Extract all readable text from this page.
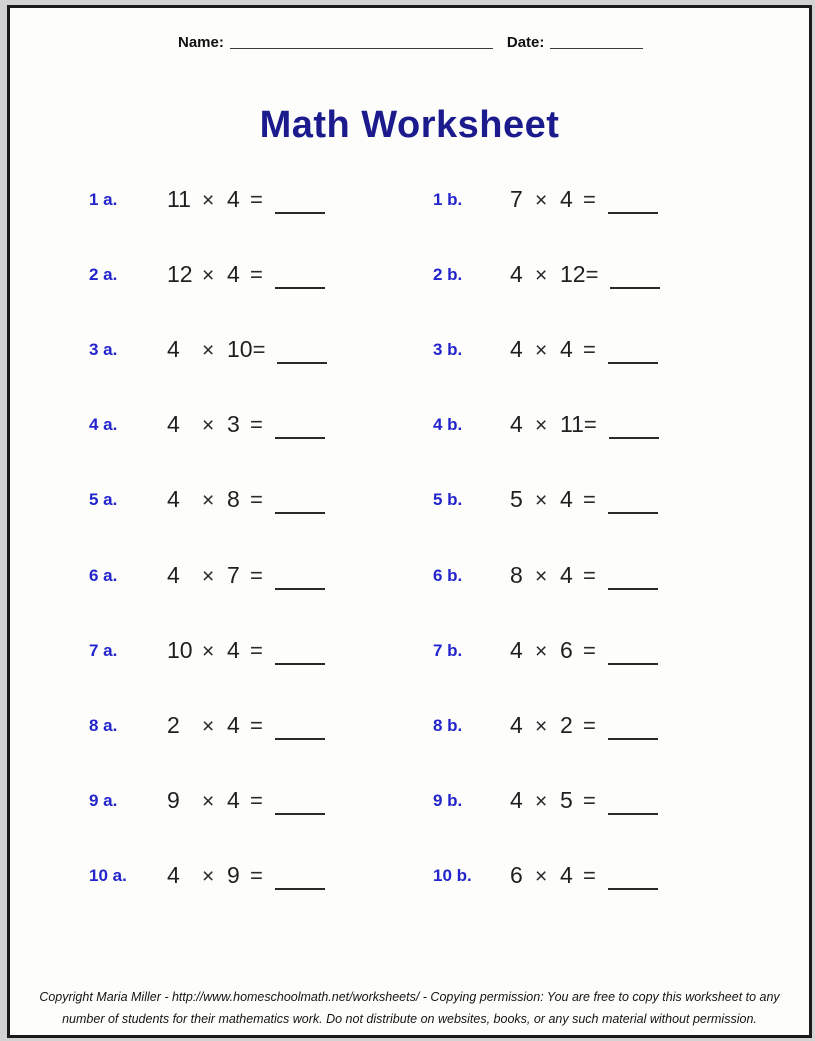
Name:	Date:
Math Worksheet
1 a.	11 × 4 =	1 b.	7 × 4 =
2 a.	12 × 4 =	2 b.	4 × 12=
3 a.	4 × 10=	3 b.	4 × 4 =
4 a.	4 × 3 =	4 b.	4 × 11=
5 a.	4 × 8 =	5 b.	5 × 4 =
6 a.	4 × 7 =	6 b.	8 × 4 =
7 a.	10 × 4 =	7 b.	4 × 6 =
8 a.	2 × 4 =	8 b.	4 × 2 =
9 a.	9 × 4 =	9 b.	4 × 5 =
10 a.	4 × 9 =	10 b.	6 × 4 =
Copyright Maria Miller - http://www.homeschoolmath.net/worksheets/ - Copying permission: You are free to copy this worksheet to any
number of students for their mathematics work. Do not distribute on websites, books, or any such material without permission.
